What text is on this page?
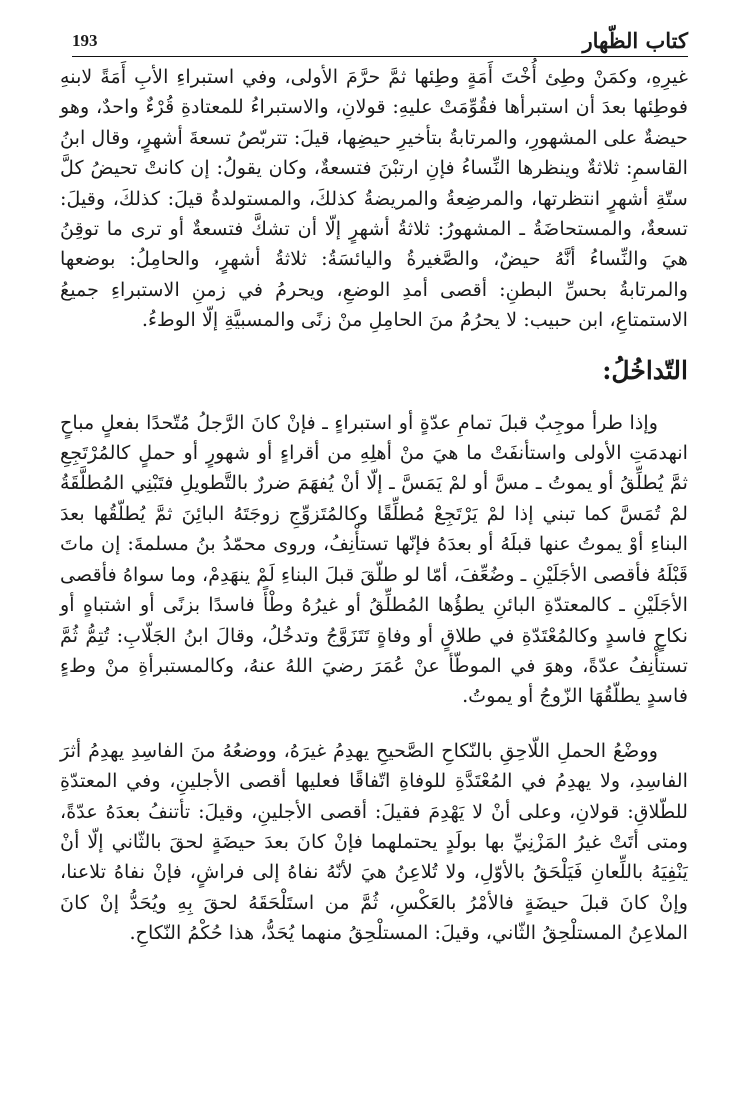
كتاب الظّهار
193

غيرِهِ، وكمَنْ وطِئ أُخْتَ أَمَةٍ وطِئها ثمَّ حرَّمَ الأولى، وفي استبراءِ الأبِ أَمَةً لابنهِ فوطِئها بعدَ أن استبرأها فقُوِّمَتْ عليهِ: قولانِ، والاستبراءُ للمعتادةِ قُرْءٌ واحدٌ، وهو حيضةٌ على المشهورِ، والمرتابةُ بتأخيرِ حيضِها، قيلَ: تتربّصُ تسعةَ أشهرٍ، وقال ابنُ القاسمِ: ثلاثةٌ وينظرها النِّساءُ فإنِ ارتبْنَ فتسعةٌ، وكان يقولُ: إن كانتْ تحيضُ كلَّ ستّةِ أشهرٍ انتظرتها، والمرضِعةُ والمريضةُ كذلكَ، والمستولدةُ قيلَ: كذلكَ، وقيلَ: تسعةٌ، والمستحاضَةُ ـ المشهورُ: ثلاثةُ أشهرٍ إلّا أن تشكَّ فتسعةٌ أو ترى ما توقِنُ هيَ والنِّساءُ أنَّهُ حيضٌ، والصَّغيرةُ واليائسَةُ: ثلاثةُ أشهرٍ، والحامِلُ: بوضعها والمرتابةُ بحسِّ البطنِ: أقصى أمدِ الوضعِ، ويحرمُ في زمنِ الاستبراءِ جميعُ الاستمتاعِ، ابن حبيب: لا يحرُمُ منَ الحامِلِ منْ زنًى والمسبيَّةِ إلّا الوطءُ.

التّداخُلُ:

وإذا طرأ موجِبٌ قبلَ تمامِ عدّةٍ أو استبراءٍ ـ فإنْ كانَ الرَّجلُ مُتّحدًا بفعلٍ مباحٍ انهدمَتِ الأولى واستأنفَتْ ما هيَ منْ أهلِهِ من أقراءٍ أو شهورٍ أو حملٍ كالمُرْتَجِعِ ثمَّ يُطلِّقُ أو يموتُ ـ مسَّ أو لمْ يَمَسَّ ـ إلّا أنْ يُفهَمَ ضررٌ بالتَّطويلِ فتَبْنِي المُطلَّقَةُ لمْ تُمَسَّ كما تبني إذا لمْ يَرْتَجِعْ مُطلِّقًا وكالمُتَزوِّجِ زوجَتَهُ البائِنَ ثمَّ يُطلّقُها بعدَ البناءِ أوْ يموتُ عنها قبلَهُ أو بعدَهُ فإنّها تستأْنِفُ، وروى محمّدُ بنُ مسلمةَ: إن ماتَ قَبْلَهُ فأقصى الأجَلَيْنِ ـ وضُعِّفَ، أمّا لو طلّقَ قبلَ البناءِ لَمْ ينهَدِمْ، وما سواهُ فأقصى الأجَلَيْنِ ـ كالمعتدّةِ البائنِ يطؤُها المُطلِّقُ أو غيرُهُ وطْأً فاسدًا بزنًى أو اشتباهٍ أو نكاحٍ فاسدٍ وكالمُعْتَدّةِ في طلاقٍ أو وفاةٍ تَتَزَوَّجُ وتدخُلُ، وقالَ ابنُ الجَلّابِ: تُتِمُّ ثُمَّ تستأْنِفُ عدّةً، وهوَ في الموطّأ عنْ عُمَرَ رضيَ اللهُ عنهُ، وكالمستبرأةِ منْ وطءٍ فاسدٍ يطلّقُهَا الزّوجُ أو يموتُ.

ووضْعُ الحملِ اللّاحِقِ بالنّكاحِ الصَّحيحِ يهدِمُ غيرَهُ، ووضعُهُ منَ الفاسِدِ يهدِمُ أثرَ الفاسِدِ، ولا يهدِمُ في المُعْتَدَّةِ للوفاةِ اتّفاقًا فعليها أقصى الأجلينِ، وفي المعتدّةِ للطّلاقِ: قولانِ، وعلى أنْ لا يَهْدِمَ فقيلَ: أقصى الأجلينِ، وقيلَ: تأتنفُ بعدَهُ عدّةً، ومتى أتَتْ غيرُ المَزْنِيِّ بها بولَدٍ يحتملهما فإنْ كانَ بعدَ حيضَةٍ لحقَ بالثّاني إلّا أنْ يَنْفِيَهُ باللِّعانِ فَيَلْحَقُ بالأوّلِ، ولا تُلاعِنُ هيَ لأنّهُ نفاهُ إلى فراشٍ، فإنْ نفاهُ تلاعنا، وإنْ كانَ قبلَ حيضَةٍ فالأمْرُ بالعَكْسِ، ثُمَّ من استَلْحَقَهُ لحقَ بِهِ ويُحَدُّ إنْ كانَ الملاعِنُ المستلْحِقُ الثّاني، وقيلَ: المستلْحِقُ منهما يُحَدُّ، هذا حُكْمُ النّكاحِ.
